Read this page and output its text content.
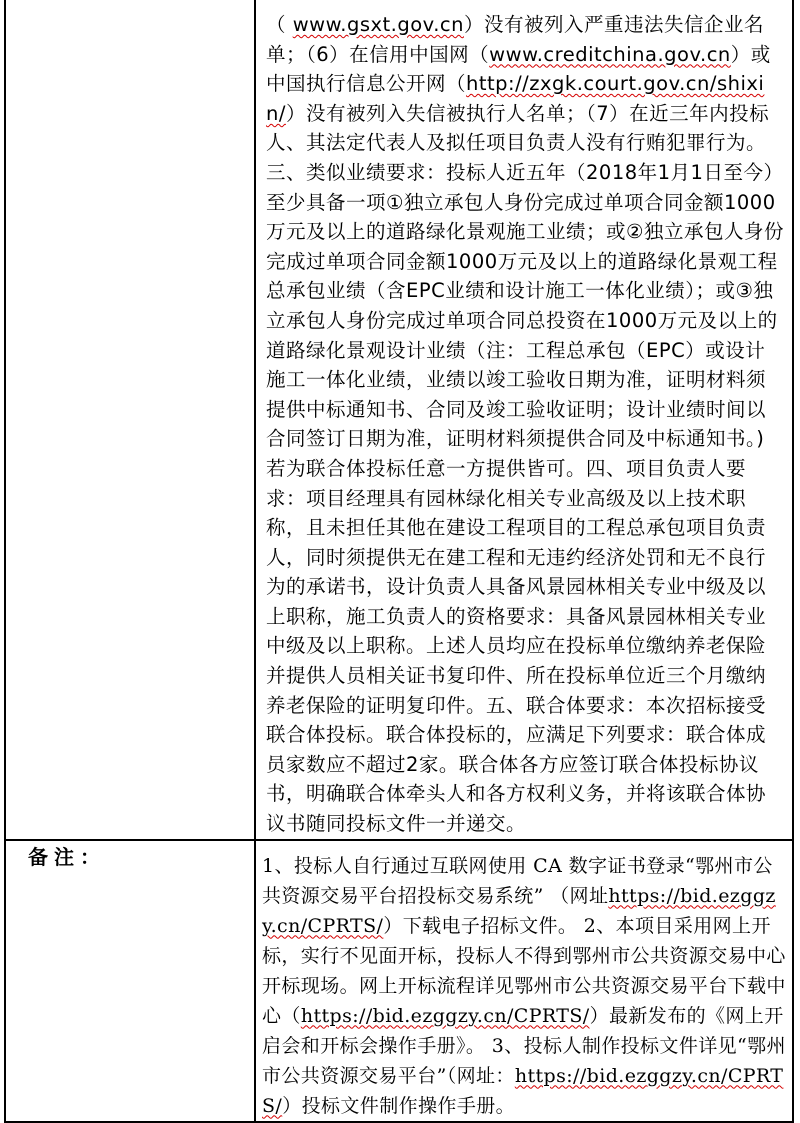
	（ www.gsxt.gov.cn）没有被列入严重违法失信企业名单；（6）在信用中国网（www.creditchina.gov.cn）或中国执行信息公开网（http://zxgk.court.gov.cn/shixin/）没有被列入失信被执行人名单；（7）在近三年内投标人、其法定代表人及拟任项目负责人没有行贿犯罪行为。 三、类似业绩要求：投标人近五年（2018年1月1日至今）至少具备一项①独立承包人身份完成过单项合同金额1000万元及以上的道路绿化景观施工业绩；或②独立承包人身份完成过单项合同金额1000万元及以上的道路绿化景观工程总承包业绩（含EPC业绩和设计施工一体化业绩）；或③独立承包人身份完成过单项合同总投资在1000万元及以上的道路绿化景观设计业绩（注：工程总承包（EPC）或设计施工一体化业绩，业绩以竣工验收日期为准，证明材料须提供中标通知书、合同及竣工验收证明；设计业绩时间以合同签订日期为准，证明材料须提供合同及中标通知书。)若为联合体投标任意一方提供皆可。四、项目负责人要求：项目经理具有园林绿化相关专业高级及以上技术职称，且未担任其他在建设工程项目的工程总承包项目负责人，同时须提供无在建工程和无违约经济处罚和无不良行为的承诺书，设计负责人具备风景园林相关专业中级及以上职称，施工负责人的资格要求：具备风景园林相关专业中级及以上职称。上述人员均应在投标单位缴纳养老保险并提供人员相关证书复印件、所在投标单位近三个月缴纳养老保险的证明复印件。五、联合体要求：本次招标接受联合体投标。联合体投标的，应满足下列要求：联合体成员家数应不超过2家。联合体各方应签订联合体投标协议书，明确联合体牵头人和各方权利义务，并将该联合体协议书随同投标文件一并递交。

备注：	1、投标人自行通过互联网使用 CA 数字证书登录“鄂州市公共资源交易平台招投标交易系统” （网址https://bid.ezggzy.cn/CPRTS/）下载电子招标文件。 2、本项目采用网上开标，实行不见面开标，投标人不得到鄂州市公共资源交易中心开标现场。网上开标流程详见鄂州市公共资源交易平台下载中心（https://bid.ezggzy.cn/CPRTS/）最新发布的《网上开启会和开标会操作手册》。 3、投标人制作投标文件详见“鄂州市公共资源交易平台”（网址：https://bid.ezggzy.cn/CPRTS/）投标文件制作操作手册。
